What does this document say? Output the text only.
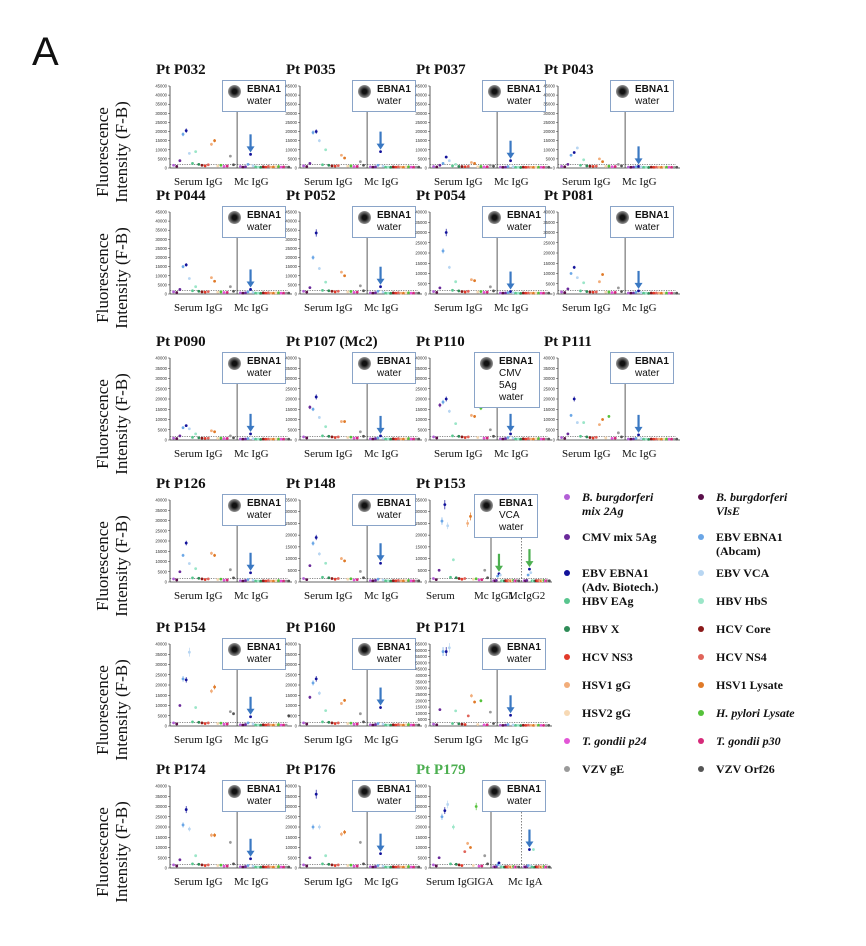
A
Fluorescence
Intensity (F-B)
Fluorescence
Intensity (F-B)
Fluorescence
Intensity (F-B)
Fluorescence
Intensity (F-B)
Fluorescence
Intensity (F-B)
Fluorescence
Intensity (F-B)
Pt P032
0
5000
10000
15000
20000
25000
30000
35000
40000
45000
Serum IgG Mc IgG
EBNA1
water
Pt P035
0
5000
10000
15000
20000
25000
30000
35000
40000
45000
Serum IgG Mc IgG
EBNA1
water
Pt P037
0
5000
10000
15000
20000
25000
30000
35000
40000
45000
Serum IgG Mc IgG
EBNA1
water
Pt P043
0
5000
10000
15000
20000
25000
30000
35000
40000
45000
Serum IgG Mc IgG
EBNA1
water
Pt P044
0
5000
10000
15000
20000
25000
30000
35000
40000
45000
Serum IgG Mc IgG
EBNA1
water
Pt P052
0
5000
10000
15000
20000
25000
30000
35000
40000
45000
Serum IgG Mc IgG
EBNA1
water
Pt P054
0
5000
10000
15000
20000
25000
30000
35000
40000
Serum IgG Mc IgG
EBNA1
water
Pt P081
0
5000
10000
15000
20000
25000
30000
35000
40000
Serum IgG Mc IgG
EBNA1
water
Pt P090
0
5000
10000
15000
20000
25000
30000
35000
40000
Serum IgG Mc IgG
EBNA1
water
Pt P107 (Mc2)
0
5000
10000
15000
20000
25000
30000
35000
40000
Serum IgG Mc IgG
EBNA1
water
Pt P110
0
5000
10000
15000
20000
25000
30000
35000
40000
Serum IgG Mc IgG
EBNA1
CMV 5Ag
water
Pt P111
0
5000
10000
15000
20000
25000
30000
35000
40000
Serum IgG Mc IgG
EBNA1
water
Pt P126
0
5000
10000
15000
20000
25000
30000
35000
40000
Serum IgG Mc IgG
EBNA1
water
Pt P148
0
5000
10000
15000
20000
25000
30000
35000
Serum IgG Mc IgG
EBNA1
water
Pt P153
0
5000
10000
15000
20000
25000
30000
35000
Serum Mc IgG1
McIgG2
EBNA1
VCA
water
Pt P154
0
5000
10000
15000
20000
25000
30000
35000
40000
Serum IgG Mc IgG
EBNA1
water
Pt P160
0
5000
10000
15000
20000
25000
30000
35000
40000
Serum IgG Mc IgG
EBNA1
water
Pt P171
0
5000
10000
15000
20000
25000
30000
35000
40000
45000
50000
55000
60000
65000
Serum IgG Mc IgG
EBNA1
water
Pt P174
0
5000
10000
15000
20000
25000
30000
35000
40000
Serum IgG Mc IgG
EBNA1
water
Pt P176
0
5000
10000
15000
20000
25000
30000
35000
40000
Serum IgG Mc IgG
EBNA1
water
Pt P179
0
5000
10000
15000
20000
25000
30000
35000
40000
Serum IgG IGA Mc IgA
EBNA1
water
B. burgdorferi
mix 2Ag
B. burgdorferi
VlsE
CMV mix 5Ag	EBV EBNA1
(Abcam)
EBV EBNA1
(Adv. Biotech.)
EBV VCA
HBV EAg	HBV HbS
HBV X	HCV Core
HCV NS3	HCV NS4
HSV1 gG	HSV1 Lysate
HSV2 gG	H. pylori Lysate
T. gondii p24	T. gondii p30
VZV gE	VZV Orf26
